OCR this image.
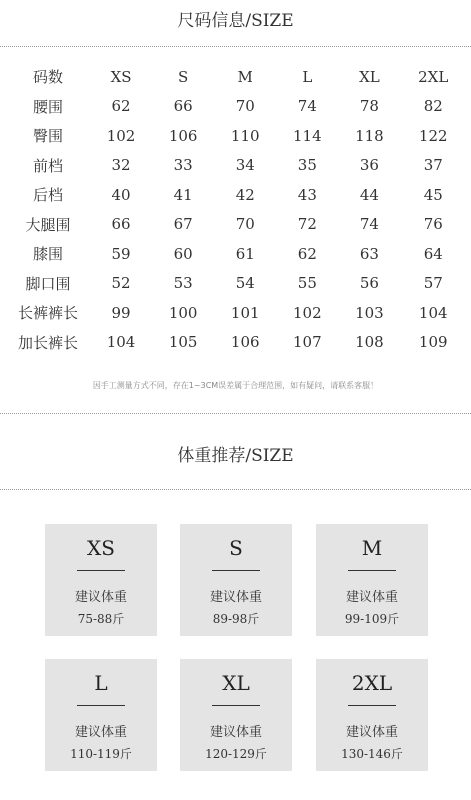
尺码信息/SIZE
码数	XS	S	M	L	XL	2XL
腰围	62	66	70	74	78	82
臀围	102	106	110	114	118	122
前档	32	33	34	35	36	37
后档	40	41	42	43	44	45
大腿围	66	67	70	72	74	76
膝围	59	60	61	62	63	64
脚口围	52	53	54	55	56	57
长裤裤长	99	100	101	102	103	104
加长裤长	104	105	106	107	108	109
因手工测量方式不同，存在1~3CM误差属于合理范围，如有疑问，请联系客服！
体重推荐/SIZE
XS
建议体重
75-88斤
S
建议体重
89-98斤
M
建议体重
99-109斤
L
建议体重
110-119斤
XL
建议体重
120-129斤
2XL
建议体重
130-146斤
